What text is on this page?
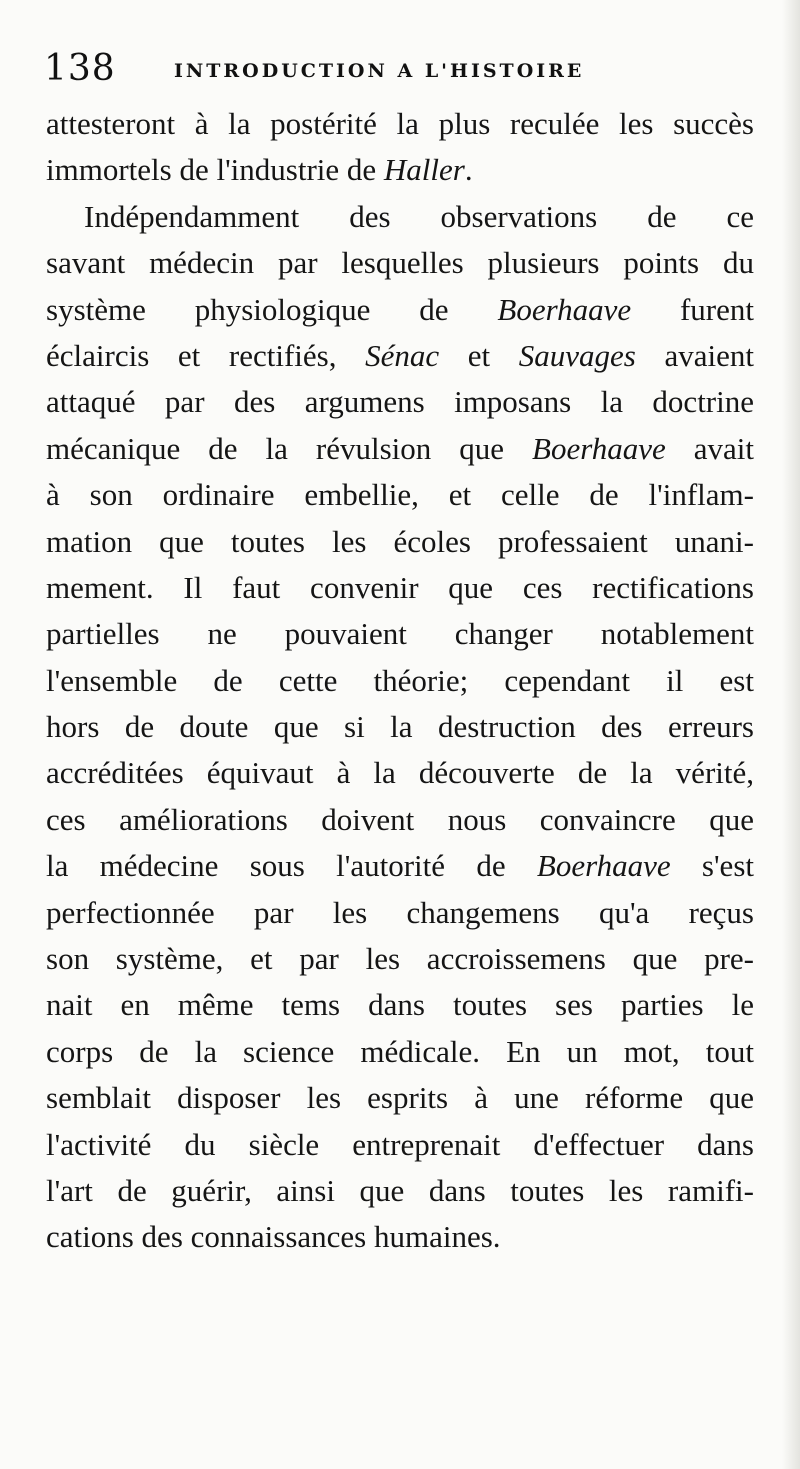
138	INTRODUCTION A L'HISTOIRE
attesteront à la postérité la plus reculée les succès
immortels de l'industrie de Haller.
Indépendamment des observations de ce
savant médecin par lesquelles plusieurs points du
système physiologique de Boerhaave furent
éclaircis et rectifiés, Sénac et Sauvages avaient
attaqué par des argumens imposans la doctrine
mécanique de la révulsion que Boerhaave avait
à son ordinaire embellie, et celle de l'inflam-
mation que toutes les écoles professaient unani-
mement. Il faut convenir que ces rectifications
partielles ne pouvaient changer notablement
l'ensemble de cette théorie; cependant il est
hors de doute que si la destruction des erreurs
accréditées équivaut à la découverte de la vérité,
ces améliorations doivent nous convaincre que
la médecine sous l'autorité de Boerhaave s'est
perfectionnée par les changemens qu'a reçus
son système, et par les accroissemens que pre-
nait en même tems dans toutes ses parties le
corps de la science médicale. En un mot, tout
semblait disposer les esprits à une réforme que
l'activité du siècle entreprenait d'effectuer dans
l'art de guérir, ainsi que dans toutes les ramifi-
cations des connaissances humaines.
